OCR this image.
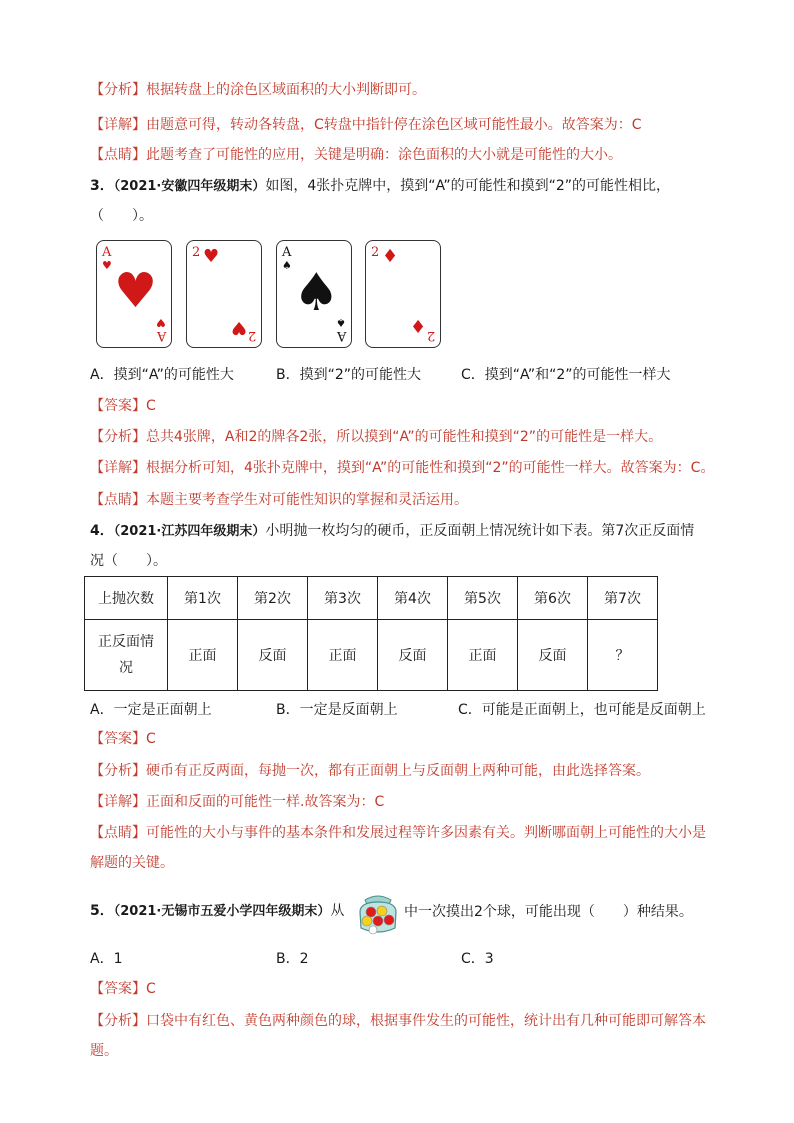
【分析】根据转盘上的涂色区域面积的大小判断即可。
【详解】由题意可得，转动各转盘，C转盘中指针停在涂色区域可能性最小。故答案为：C
【点睛】此题考查了可能性的应用，关键是明确：涂色面积的大小就是可能性的大小。
3．（2021·安徽四年级期末）如图，4张扑克牌中，摸到“A”的可能性和摸到“2”的可能性相比，
（　　）。
A
♥ ♥
♥
A
2 ♥
♥ 2
A
♠ ♠
♠
A
2 ♦
♦ 2
A．摸到“A”的可能性大	B．摸到“2”的可能性大	C．摸到“A”和“2”的可能性一样大
【答案】C
【分析】总共4张牌，A和2的牌各2张，所以摸到“A”的可能性和摸到“2”的可能性是一样大。
【详解】根据分析可知，4张扑克牌中，摸到“A”的可能性和摸到“2”的可能性一样大。故答案为：C。
【点睛】本题主要考查学生对可能性知识的掌握和灵活运用。
4．（2021·江苏四年级期末）小明抛一枚均匀的硬币，正反面朝上情况统计如下表。第7次正反面情
况（　　）。
上抛次数	第1次	第2次	第3次	第4次	第5次	第6次	第7次

正反面情
况	正面	反面	正面	反面	正面	反面	？
A．一定是正面朝上	B．一定是反面朝上	C．可能是正面朝上，也可能是反面朝上
【答案】C
【分析】硬币有正反两面，每抛一次，都有正面朝上与反面朝上两种可能，由此选择答案。
【详解】正面和反面的可能性一样.故答案为：C
【点睛】可能性的大小与事件的基本条件和发展过程等许多因素有关。判断哪面朝上可能性的大小是
解题的关键。
5．（2021·无锡市五爱小学四年级期末）从	中一次摸出2个球，可能出现（　　）种结果。
A．1	B．2	C．3
【答案】C
【分析】口袋中有红色、黄色两种颜色的球，根据事件发生的可能性，统计出有几种可能即可解答本
题。
